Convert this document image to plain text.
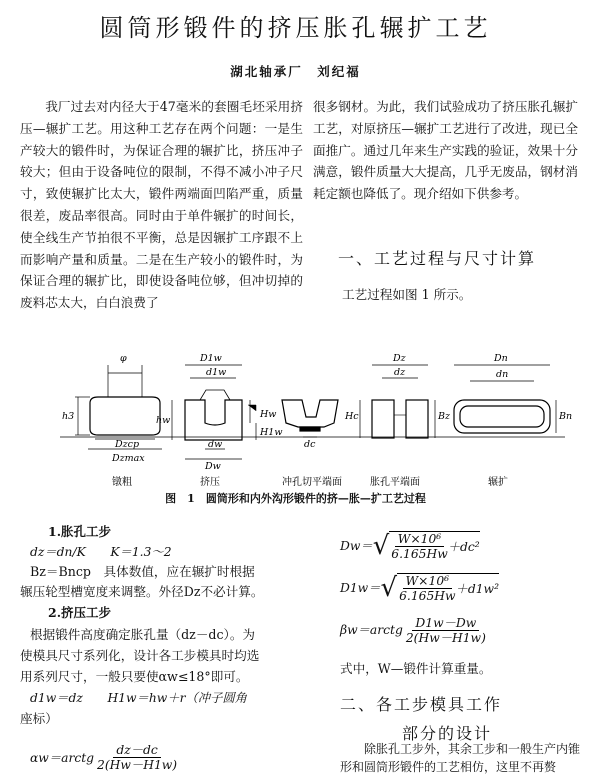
圆筒形锻件的挤压胀孔辗扩工艺
湖北轴承厂　刘纪福

我厂过去对内径大于47毫米的套圈毛坯采用挤压—辗扩工艺。用这种工艺存在两个问题：一是生产较大的锻件时，为保证合理的辗扩比，挤压冲子较大；但由于设备吨位的限制，不得不减小冲子尺寸，致使辗扩比太大，锻件两端面凹陷严重，质量很差，废品率很高。同时由于单件辗扩的时间长，使全线生产节拍很不平衡，总是因辗扩工序跟不上而影响产量和质量。二是在生产较小的锻件时，为保证合理的辗扩比，即使设备吨位够，但冲切掉的废料芯太大，白白浪费了

很多钢材。为此，我们试验成功了挤压胀孔辗扩工艺，对原挤压—辗扩工艺进行了改进，现已全面推广。通过几年来生产实践的验证，效果十分满意，锻件质量大大提高，几乎无废品，钢材消耗定额也降低了。现介绍如下供参考。

一、工艺过程与尺寸计算
工艺过程如图 1 所示。
φ
Dzcp
Dzmax
h3
D1w
d1w
dw
Dw
hw
Hw
H1w
dc
Dz
dz
Hc	Bz
Dn
dn
Bn
镦粗	挤压	冲孔切平端面	胀孔平端面	辗扩
图　1　圆筒形和内外沟形锻件的挤—胀—扩工艺过程
1.胀孔工步
dz＝dn/K　　K＝1.3～2
Bz＝Bncp　具体数值，应在辗扩时根据
辗压轮型槽宽度来调整。外径Dz不必计算。
2.挤压工步
根据锻件高度确定胀孔量（dz－dc）。为
使模具尺寸系列化，设计各工步模具时均选
用系列尺寸，一般只要使αw≤18°即可。
d1w＝dz　　H1w＝hw＋r（冲子圆角
座标）
αw＝arctg $\frac{dz-dc}{2(Hw-H1w)}$
Dw＝ √ $\frac{\text{W×10⁶}}{6.165Hw} +dc^2$
D1w＝ √ $\frac{\text{W×10⁶}}{6.165Hw} +d1w^2$
βw＝arctg $\frac{D1w-Dw}{2(Hw-H1w)}$
式中，W—锻件计算重量。
二、各工步模具工作
部分的设计
除胀孔工步外，其余工步和一般生产内锥形和圆筒形锻件的工艺相仿，这里不再赘
